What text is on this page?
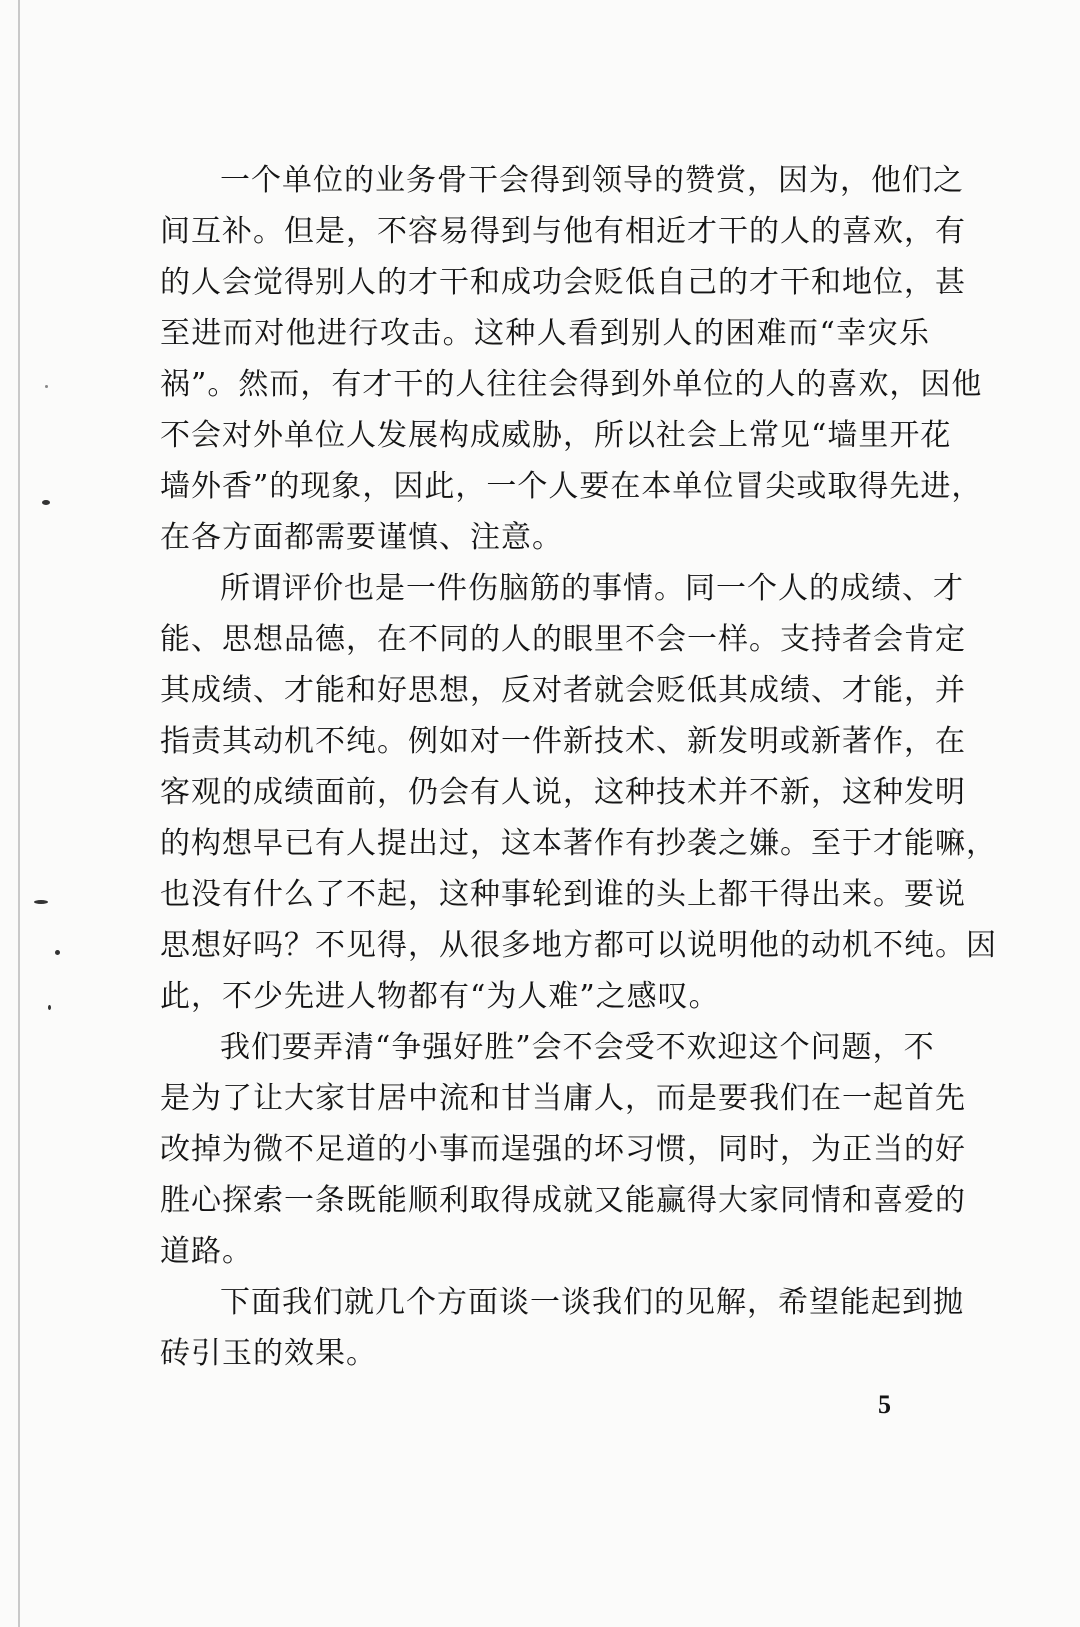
一个单位的业务骨干会得到领导的赞赏，因为，他们之
间互补。但是，不容易得到与他有相近才干的人的喜欢，有
的人会觉得别人的才干和成功会贬低自己的才干和地位，甚
至进而对他进行攻击。这种人看到别人的困难而“幸灾乐
祸”。然而，有才干的人往往会得到外单位的人的喜欢，因他
不会对外单位人发展构成威胁，所以社会上常见“墙里开花
墙外香”的现象，因此，一个人要在本单位冒尖或取得先进，
在各方面都需要谨慎、注意。

所谓评价也是一件伤脑筋的事情。同一个人的成绩、才
能、思想品德，在不同的人的眼里不会一样。支持者会肯定
其成绩、才能和好思想，反对者就会贬低其成绩、才能，并
指责其动机不纯。例如对一件新技术、新发明或新著作，在
客观的成绩面前，仍会有人说，这种技术并不新，这种发明
的构想早已有人提出过，这本著作有抄袭之嫌。至于才能嘛，
也没有什么了不起，这种事轮到谁的头上都干得出来。要说
思想好吗？不见得，从很多地方都可以说明他的动机不纯。因
此，不少先进人物都有“为人难”之感叹。

我们要弄清“争强好胜”会不会受不欢迎这个问题，不
是为了让大家甘居中流和甘当庸人，而是要我们在一起首先
改掉为微不足道的小事而逞强的坏习惯，同时，为正当的好
胜心探索一条既能顺利取得成就又能赢得大家同情和喜爱的
道路。

下面我们就几个方面谈一谈我们的见解，希望能起到抛
砖引玉的效果。

5
